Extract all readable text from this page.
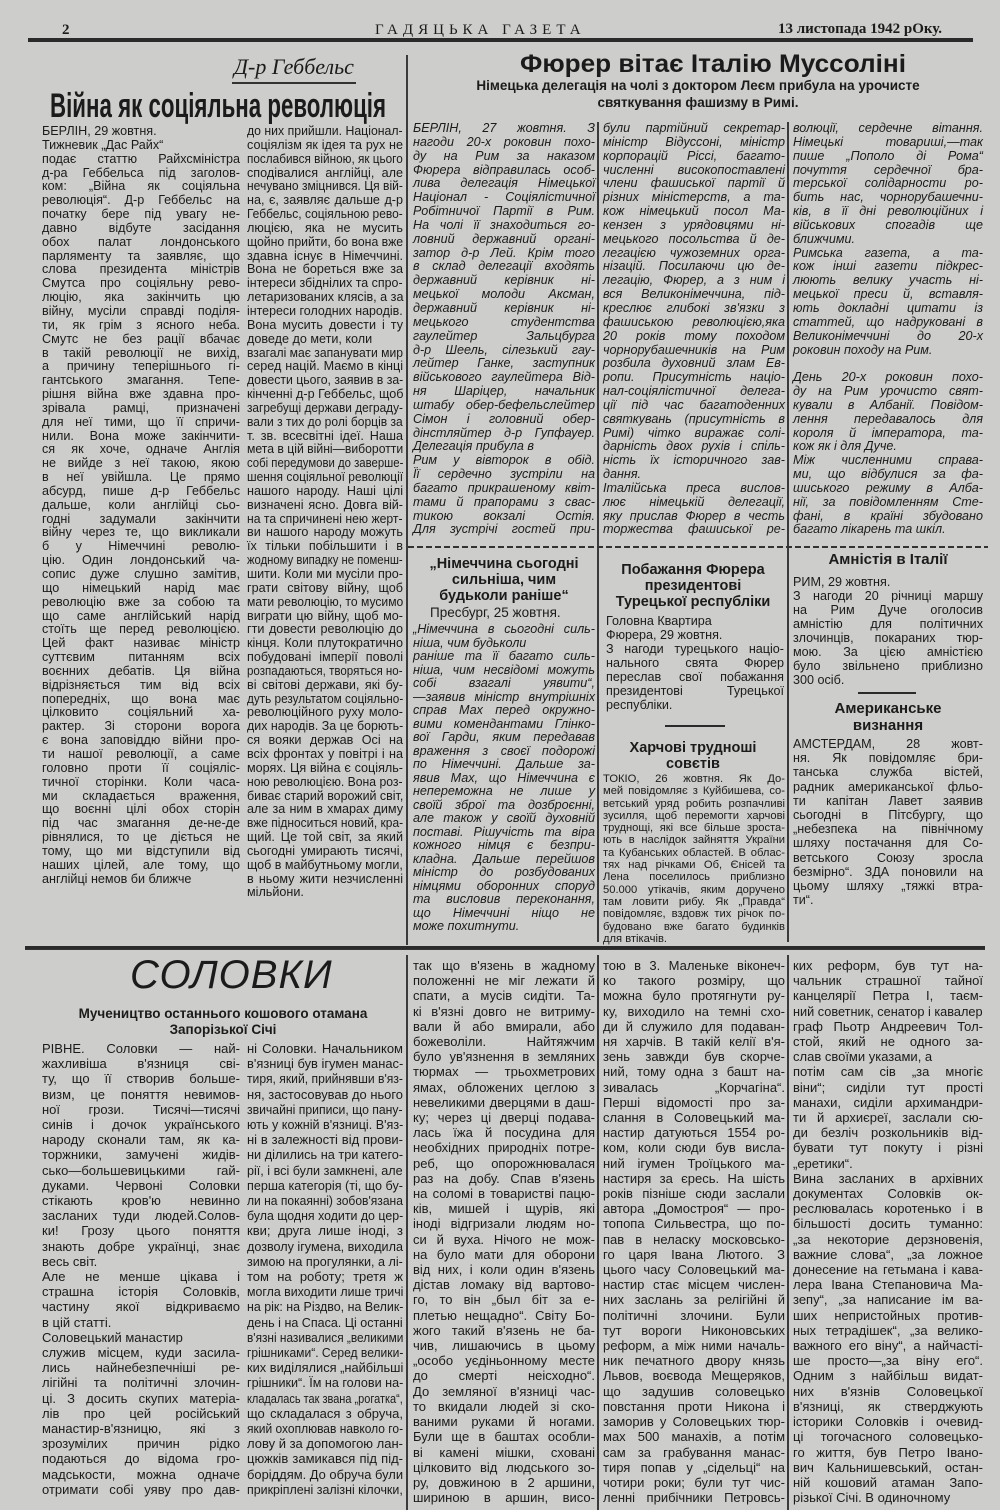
2	ГАДЯЦЬКА ГАЗЕТА	13 листопада 1942 pОку.
Д-р Геббельс
Війна як соціяльна революція
БЕРЛІН, 29 жовтня.
Тижневик „Дас Райх“
подає статтю Райхсміністра
д-ра Геббельса під заголов-
ком: „Війна як соціяльна
революція“. Д-р Геббельс на
початку бере під увагу не-
давно відбуте засідання
обох палат лондонського
парляменту та заявляє, що
слова президента міністрів
Смутса про соціяльну рево-
люцію, яка закінчить цю
війну, мусіли справді поділя-
ти, як грім з ясного неба.
Смутс не без рації вбачає
в такій революції не вихід,
а причину теперішнього гі-
гантського змагання. Тепе-
рішня війна вже здавна про-
зрівала рамці, призначені
для неї тими, що її спричи-
нили. Вона може закінчити-
ся як хоче, одначе Англія
не вийде з неї такою, якою
в неї увійшла. Це прямо
абсурд, пише д-р Геббельс
дальше, коли англійці сьо-
годні задумали закінчити
війну через те, що викликали
б у Німеччині револю-
цію. Один лондонський ча-
сопис дуже слушно замітив,
що німецький нарід має
революцію вже за собою та
що саме англійський нарід
стоїть ще перед революцією.
Цей факт називає міністр
суттєвим питанням всіх
воєнних дебатів. Ця війна
відрізняється тим від всіх
попередніх, що вона має
цілковито соціяльний ха-
рактер. Зі сторони ворога
є вона заповіддю війни про-
ти нашої революції, а саме
головно проти її соціяліс-
тичної сторінки. Коли часа-
ми складається враження,
що воєнні цілі обох сторін
під час змагання де-не-де
рівнялися, то це діється не
тому, що ми відступили від
наших цілей, але тому, що
англійці немов би ближче
до них прийшли. Націонал-
соціялізм як ідея та рух не
послабився війною, як цього
сподівалися англійці, але
нечувано зміцнився. Ця вій-
на, є, заявляє дальше д-р
Геббельс, соціяльною рево-
люцією, яка не мусить
щойно прийти, бо вона вже
здавна існує в Німеччині.
Вона не бореться вже за
інтереси збіднілих та спро-
летаризованих клясів, а за
інтереси голодних народів.
Вона мусить довести і ту
доведе до мети, коли
взагалі має запанувати мир
серед націй. Маємо в кінці
довести цього, заявив в за-
кінченні д-р Геббельс, щоб
загребущі держави деграду-
вали з тих до ролі борців за
т. зв. всесвітні ідеї. Наша
мета в цій війні—виборотти
собі передумови до заверше-
шення соціяльної революції
нашого народу. Наші цілі
визначені ясно. Довга вій-
на та спричинені нею жерт-
ви нашого народу можуть
їх тільки побільшити і в
жодному випадку не поменш-
шити. Коли ми мусіли про-
грати світову війну, щоб
мати революцію, то мусимо
виграти цю війну, щоб мо-
гти довести революцію до
кінця. Коли плутократично
побудовані імперії поволі
розпадаються, творяться но-
ві світові держави, які бу-
дуть результатом соціяльно-
революційного руху моло-
дих народів. За це борють-
ся вояки держав Осі на
всіх фронтах у повітрі і на
морях. Ця війна є соціяль-
ною революцією. Вона роз-
биває старий ворожий світ,
але за ним в хмарах диму
вже підноситься новий, кра-
щий. Це той світ, за який
сьогодні умирають тисячі,
щоб в майбутньому могли,
в ньому жити незчисленні
мільйони.
Фюрер вітає Італію Муссоліні
Німецька делегація на чолі з доктором Леєм прибула на урочисте
святкування фашизму в Римі.
БЕРЛІН, 27 жовтня. З
нагоди 20-х роковин похо-
ду на Рим за наказом
Фюрера відправилась особ-
лива делегація Німецької
Націонал - Соціялістичної
Робітничої Партії в Рим.
На чолі її знаходиться го-
ловний державний органі-
затор д-р Лей. Крім того
в склад делегації входять
державний керівник ні-
мецької молоди Аксман,
державний керівник ні-
мецького студентства
гаулейтер Зальцбурга
д-р Шеель, сілезький гау-
лейтер Ганке, заступник
військового гаулейтера Від-
ня Шаріцер, начальник
штабу обер-бефельслейтер
Сімон і головний обер-
дінстляйтер д-р Гупфауер.
Делегація прибула в
Рим у вівторок в обід.
Її сердечно зустріли на
багато прикрашеному квіт-
тами й прапорами з свас-
тикою вокзалі Остія.
Для зустрічі гостей при-
були партійний секретар-
міністр Відуссоні, міністр
корпорацій Ріссі, багато-
численні високопоставлені
члени фашиської партії й
різних міністерств, а та-
кож німецький посол Ма-
кензен з урядовцями ні-
мецького посольства й де-
легацією чужоземних орга-
нізацій. Посилаючи цю де-
легацію, Фюрер, а з ним і
вся Великонімеччина, під-
креслює глибокі зв'язки з
фашиською революцією,яка
20 років тому походом
чорнорубашечників на Рим
розбила духовний злам Ев-
ропи. Присутність націо-
нал-соціялістичної делега-
ції під час багатоденних
святкувань (присутність в
Римі) чітко виражає солі-
дарність двох рухів і спіль-
ність їх історичного зав-
дання.
Італійська преса вислов-
лює німецькій делегації,
яку прислав Фюрер в честь
торжества фашиської ре-
волюції, сердечне вітання.
Німецькі товариші,—так
пише „Пополо ді Рома“
почуття сердечної бра-
терської солідарности ро-
бить нас, чорнорубашечни-
ків, в її дні революційних і
військових спогадів ще
ближчими.
Римська газета, а та-
кож інші газети підкрес-
люють велику участь ні-
мецької преси й, вставля-
ють докладні цитати із
статтей, що надруковані в
Великонімеччині до 20-х
роковин походу на Рим.

День 20-х роковин похо-
ду на Рим урочисто свят-
кували в Албанії. Повідом-
лення передавалось для
короля й імператора, та-
кож як і для Дуче.
Між численними справа-
ми, що відбулися за фа-
шиського режиму в Алба-
нії, за повідомленням Сте-
фані, в країні збудовано
багато лікарень та шкіл.
„Німеччина сьогодні
сильніша, чим
будьколи раніше“
Пресбург, 25 жовтня.
„Німеччина в сьогодні силь-
ніша, чим будьколи
раніше та її багато силь-
ніша, чим несвідомі можуть
собі взагалі уявити“,
—заявив міністр внутрішніх
справ Мах перед окружно-
вими комендантами Глінко-
вої Гарди, яким передавав
враження з своєї подорожі
по Німеччині. Дальше за-
явив Мах, що Німеччина є
непереможна не лише у
своїй зброї та дозброєнні,
але також у своїй духовній
поставі. Рішучість та віра
кожного німця є безпри-
кладна. Дальше перейшов
міністр до розбудованих
німцями оборонних споруд
та висловив переконання,
що Німеччині ніщо не
може похитнути.
Побажання Фюрера
президентові
Турецької республіки
Головна Квартира
Фюрера, 29 жовтня.
З нагоди турецького націо-
нального свята Фюрер
переслав свої побажання
президентові Турецької
республіки.
Харчові трудноші
совєтів
ТОКІО, 26 жовтня. Як До-
мей повідомляє з Куйбишева, со-
ветський уряд робить розпачливі
зусилля, щоб перемогти харчові
труднощі, які все більше зроста-
ють в наслідок зайняття України
та Кубанських областей. В облас-
тях над річками Об, Єнісей та
Лена поселилось приблизно
50.000 утікачів, яким доручено
там ловити рибу. Як „Правда“
повідомляє, вздовж тих річок по-
будовано вже багато будинків
для втікачів.
Амністія в Італії
РИМ, 29 жовтня.
З нагоди 20 річниці маршу
на Рим Дуче оголосив
амністію для політичних
злочинців, покараних тюр-
мою. За цією амністією
було звільнено приблизно
300 осіб.
Американське
визнання
АМСТЕРДАМ, 28 жовт-
ня. Як повідомляє бри-
танська служба вістей,
радник американської фльо-
ти капітан Лавет заявив
сьогодні в Пітсбургу, що
„небезпека на північному
шляху постачання для Со-
ветського Союзу зросла
безмірно“. ЗДА поновили на
цьому шляху „тяжкі втра-
ти“.
СОЛОВКИ
Мучеництво останнього кошового отамана
Запорізької Січі
РІВНЕ. Соловки — най-
жахливіша в'язниця сві-
ту, що її створив больше-
визм, це поняття невимов-
ної грози. Тисячі—тисячі
синів і дочок українського
народу сконали там, як ка-
торжники, замучені жидів-
сько—большевицькими гай-
дуками. Червоні Соловки
стікають кров'ю невинно
засланих туди людей.Солов-
ки! Грозу цього поняття
знають добре українці, знає
весь світ.
Але не менше цікава і
страшна історія Соловків,
частину якої відкриваємо
в цій статті.
Соловецький манастир
служив місцем, куди засила-
лись найнебезпечніші ре-
лігійні та політичні злочин-
ці. З досить скупих матеріа-
лів про цей російський
манастир-в'язницю, які з
зрозумілих причин рідко
подаються до відома гро-
мадськости, можна одначе
отримати собі уяву про дав-
ні Соловки. Начальником
в'язниці був ігумен манас-
тиря, який, прийнявши в'яз-
ня, застосовував до нього
звичайні приписи, що пану-
ють у кожній в'язниці. В'яз-
ні в залежності від прови-
ни ділились на три катего-
рії, і всі були замкнені, але
перша категорія (ті, що бу-
ли на покаянні) зобов'язана
була щодня ходити до цер-
кви; друга лише іноді, з
дозволу ігумена, виходила
зимою на прогулянки, а лі-
том на роботу; третя ж
могла виходити лише тричі
на рік: на Різдво, на Велик-
день і на Спаса. Ці останні
в'язні називалися „великими
грішниками“. Серед велики-
ких виділялися „найбільші
грішники“. Їм на голови на-
кладалась так звана „рогатка“,
що складалася з обруча,
який охоплював навколо го-
лову й за допомогою лан-
цюжків замикався під під-
боріддям. До обруча були
прикріплені залізні кілочки,
так що в'язень в жадному
положенні не міг лежати й
спати, а мусів сидіти. Та-
кі в'язні довго не витриму-
вали й або вмирали, або
божеволіли. Найтяжчим
було ув'язнення в земляних
тюрмах — трьохметрових
ямах, обложених цеглою з
невеликими дверцями в даш-
ку; через ці дверці подава-
лась їжа й посудина для
необхідних природніх потре-
реб, що опорожнювалася
раз на добу. Спав в'язень
на соломі в товаристві пацю-
ків, мишей і щурів, які
іноді відгризали людям но-
си й вуха. Нічого не мож-
на було мати для оборони
від них, і коли один в'язень
дістав ломаку від вартово-
го, то він „был біт за е-
плетью нещадно“. Світу Бо-
жого такий в'язень не ба-
чив, лишаючись в цьому
„особо уєдіньонному месте
до смерті неісходно“.
До земляної в'язниці час-
то вкидали людей зі ско-
ваними руками й ногами.
Були ще в баштах особли-
ві камені мішки, сховані
цілковито від людського зо-
ру, довжиною в 2 аршини,
шириною в аршин, висо-
тою в 3. Маленьке віконеч-
ко такого розміру, що
можна було протягнути ру-
ку, виходило на темні схо-
ди й служило для подаван-
ня харчів. В такій келії в'я-
зень завжди був скорче-
ний, тому одна з башт на-
зивалась „Корчагіна“.
Перші відомості про за-
слання в Соловецький ма-
настир датуються 1554 ро-
ком, коли сюди був висла-
ний ігумен Троїцького ма-
настиря за єресь. На шість
років пізніше сюди заслали
автора „Домостроя“ — про-
топопа Сильвестра, що по-
пав в неласку московсько-
го царя Івана Лютого. З
цього часу Соловецький ма-
настир стає місцем числен-
них заслань за релігійні й
політичні злочини. Були
тут вороги Никоновських
реформ, а між ними началь-
ник печатного двору князь
Львов, воєвода Мещеряков,
що задушив соловецько
повстання проти Никона і
заморив у Соловецьких тюр-
мах 500 манахів, а потім
сам за грабування манас-
тиря попав у „сідельці“ на
чотири роки; були тут чис-
ленні прибічники Петровсь-
ких реформ, був тут на-
чальник страшної тайної
канцелярії Петра І, таєм-
ний советник, сенатор і кавалер
граф Пьотр Андреевич Тол-
стой, який не одного за-
слав своїми указами, а
потім сам сів „за многіє
віни“; сиділи тут прості
манахи, сиділи архимандри-
ти й архиєреї, заслали сю-
ди безліч розкольників від-
бувати тут покуту і різні
„еретики“.
Вина засланих в архівних
документах Соловків ок-
реслювалась коротенько і в
більшості досить туманно:
„за некоторие дерзновенія,
важние слова“, „за ложное
донесение на гетьмана і кава-
лера Івана Степановича Ма-
зепу“, „за написание ім ва-
ших непристойных против-
ных тетрадішек“, „за велико-
важного его віну“, а найчасті-
ше просто—„за віну его“.
Одним з найбільш видат-
них в'язнів Соловецької
в'язниці, як стверджують
історики Соловків і очевид-
ці тогочасного соловецько-
го життя, був Петро Івано-
вич Кальнишевський, остан-
ній кошовий атаман Запо-
різької Січі. В одиночному
